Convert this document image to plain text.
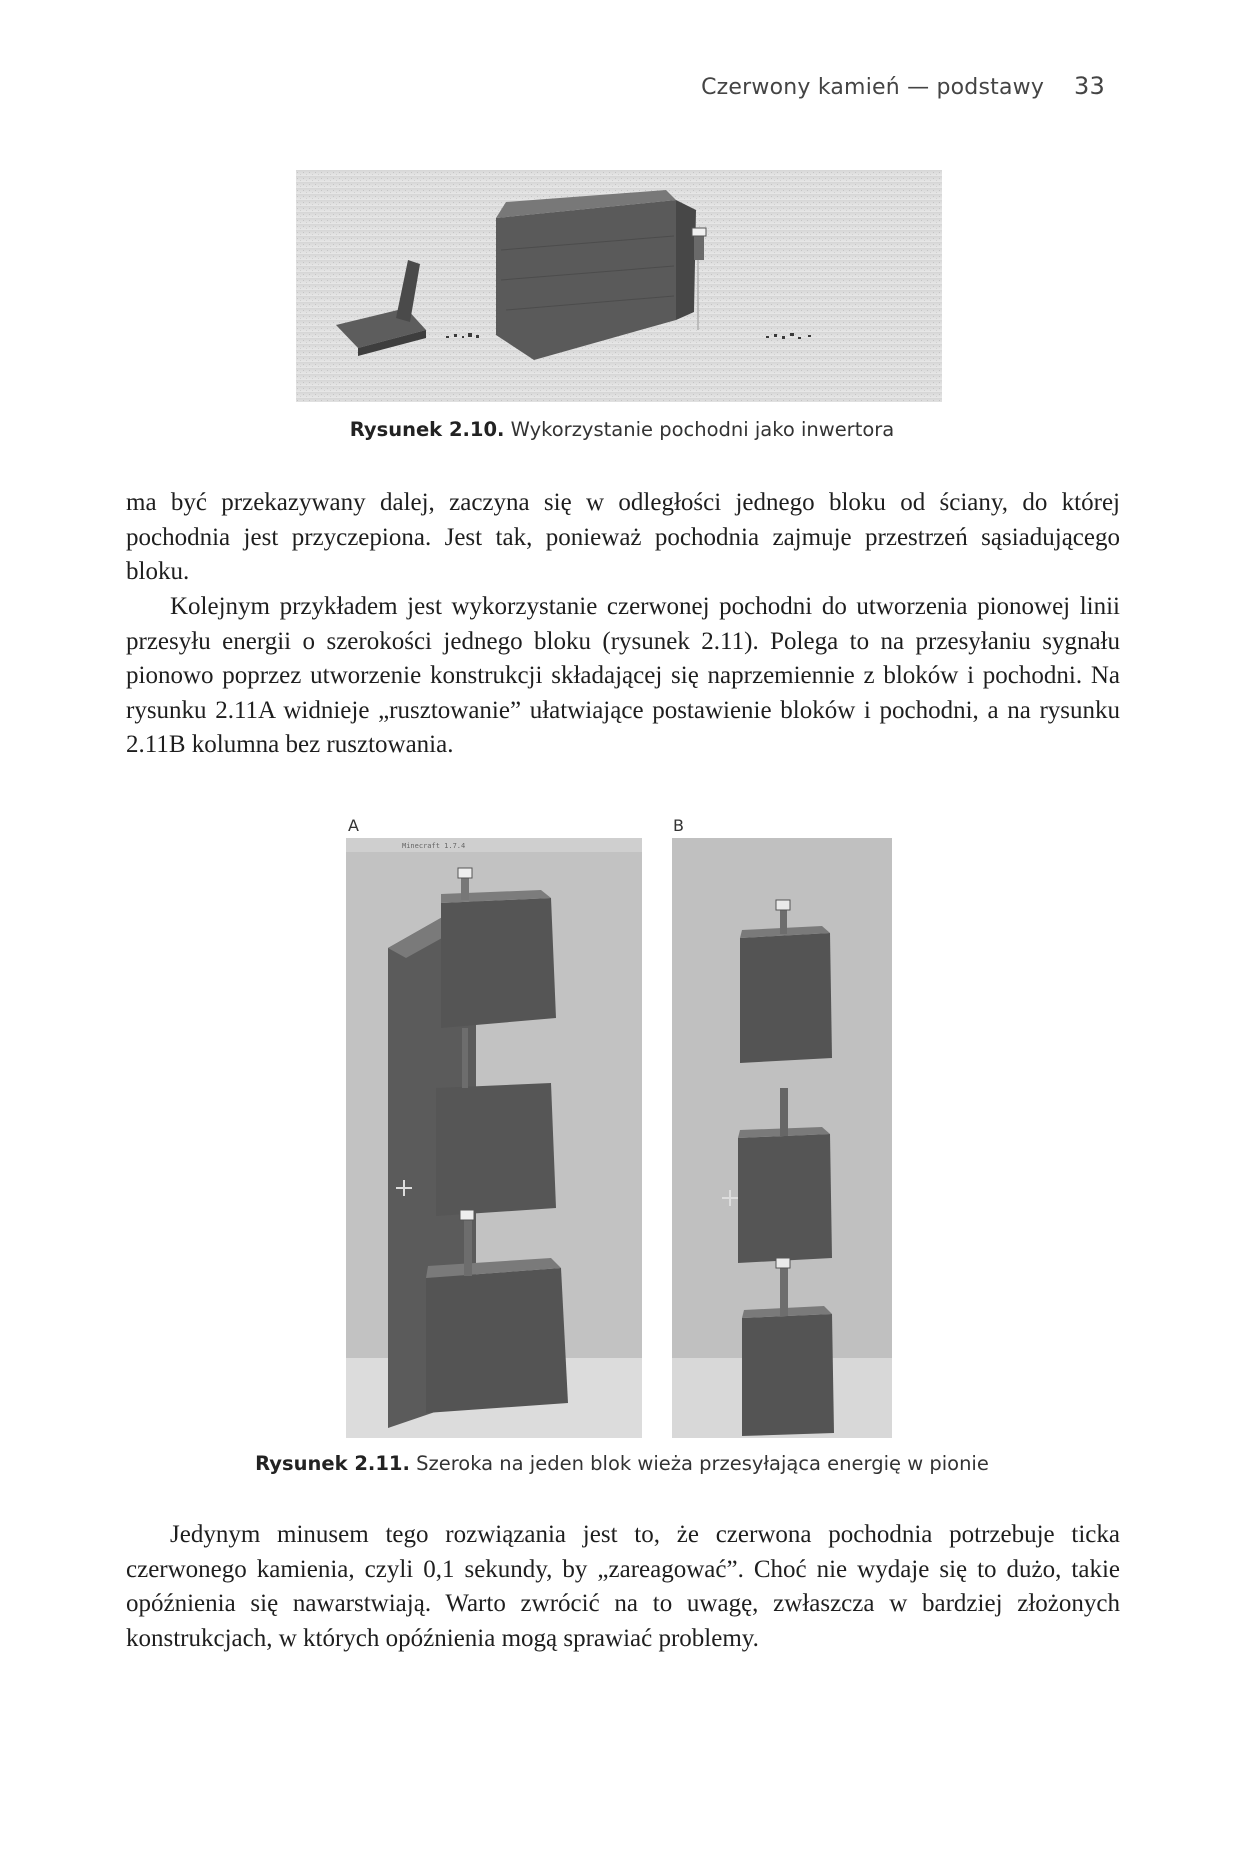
Czerwony kamień — podstawy 33
Rysunek 2.10. Wykorzystanie pochodni jako inwertora

ma być przekazywany dalej, zaczyna się w odległości jednego bloku od ściany, do której pochodnia jest przyczepiona. Jest tak, ponieważ pochodnia zajmuje przestrzeń sąsiadującego bloku.

Kolejnym przykładem jest wykorzystanie czerwonej pochodni do utworzenia pionowej linii przesyłu energii o szerokości jednego bloku (rysunek 2.11). Polega to na przesyłaniu sygnału pionowo poprzez utworzenie konstrukcji składającej się naprzemiennie z bloków i pochodni. Na rysunku 2.11A widnieje „rusztowanie” ułatwiające postawienie bloków i pochodni, a na rysunku 2.11B kolumna bez rusztowania.

A	B
Minecraft 1.7.4
Rysunek 2.11. Szeroka na jeden blok wieża przesyłająca energię w pionie

Jedynym minusem tego rozwiązania jest to, że czerwona pochodnia potrzebuje ticka czerwonego kamienia, czyli 0,1 sekundy, by „zareagować”. Choć nie wydaje się to dużo, takie opóźnienia się nawarstwiają. Warto zwrócić na to uwagę, zwłaszcza w bardziej złożonych konstrukcjach, w których opóźnienia mogą sprawiać problemy.
